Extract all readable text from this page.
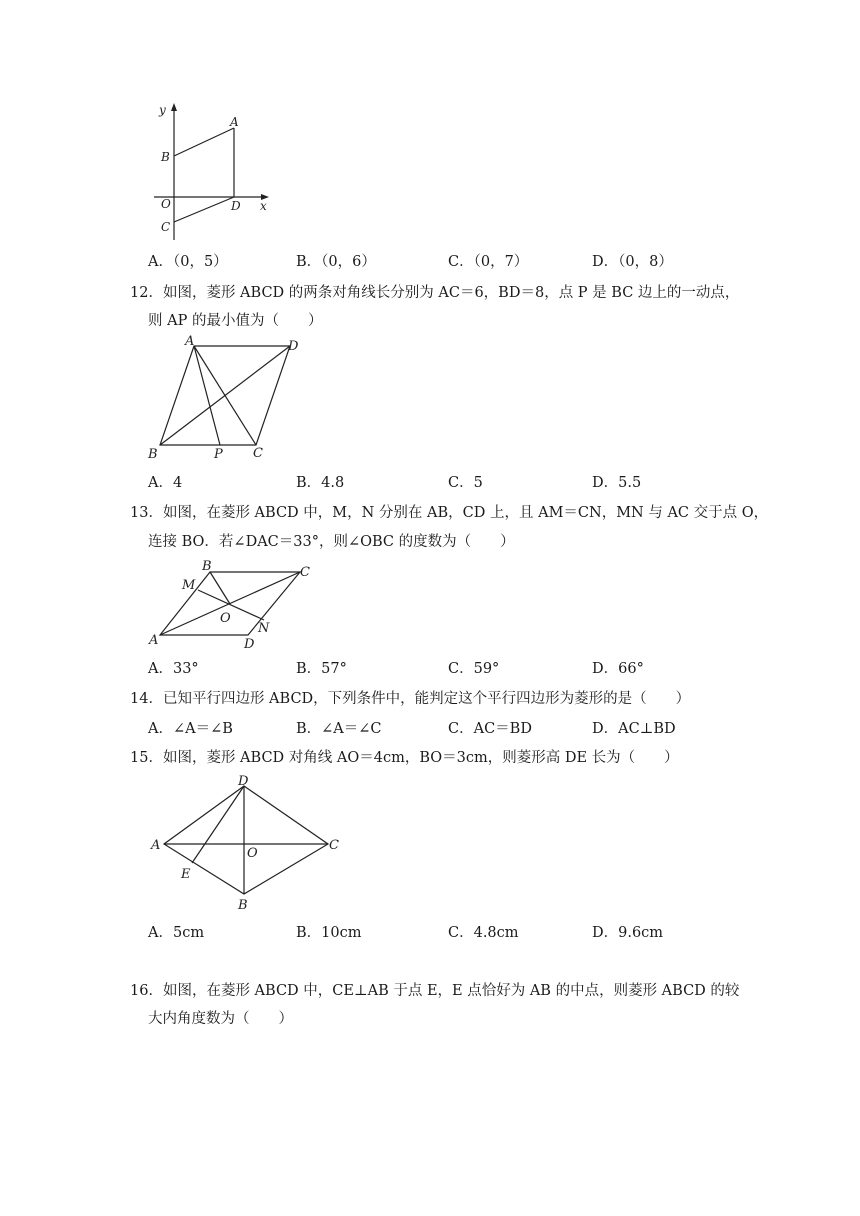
y
A
B
O	D x
C
A．（0，5）	B．（0，6）	C．（0，7）	D．（0，8）
12．如图，菱形 ABCD 的两条对角线长分别为 AC＝6，BD＝8，点 P 是 BC 边上的一动点，
则 AP 的最小值为（　　）
A	D
B	P C
A．4	B．4.8	C．5	D．5.5
13．如图，在菱形 ABCD 中，M，N 分别在 AB，CD 上，且 AM＝CN，MN 与 AC 交于点 O，
连接 BO．若∠DAC＝33°，则∠OBC 的度数为（　　）
B	C
M
O
N
A	D
A．33°	B．57°	C．59°	D．66°
14．已知平行四边形 ABCD，下列条件中，能判定这个平行四边形为菱形的是（　　）
A．∠A＝∠B	B．∠A＝∠C	C．AC＝BD	D．AC⊥BD
15．如图，菱形 ABCD 对角线 AO＝4cm，BO＝3cm，则菱形高 DE 长为（　　）
D
A
O
C
E
B
A．5cm	B．10cm	C．4.8cm	D．9.6cm
16．如图，在菱形 ABCD 中，CE⊥AB 于点 E，E 点恰好为 AB 的中点，则菱形 ABCD 的较
大内角度数为（　　）
